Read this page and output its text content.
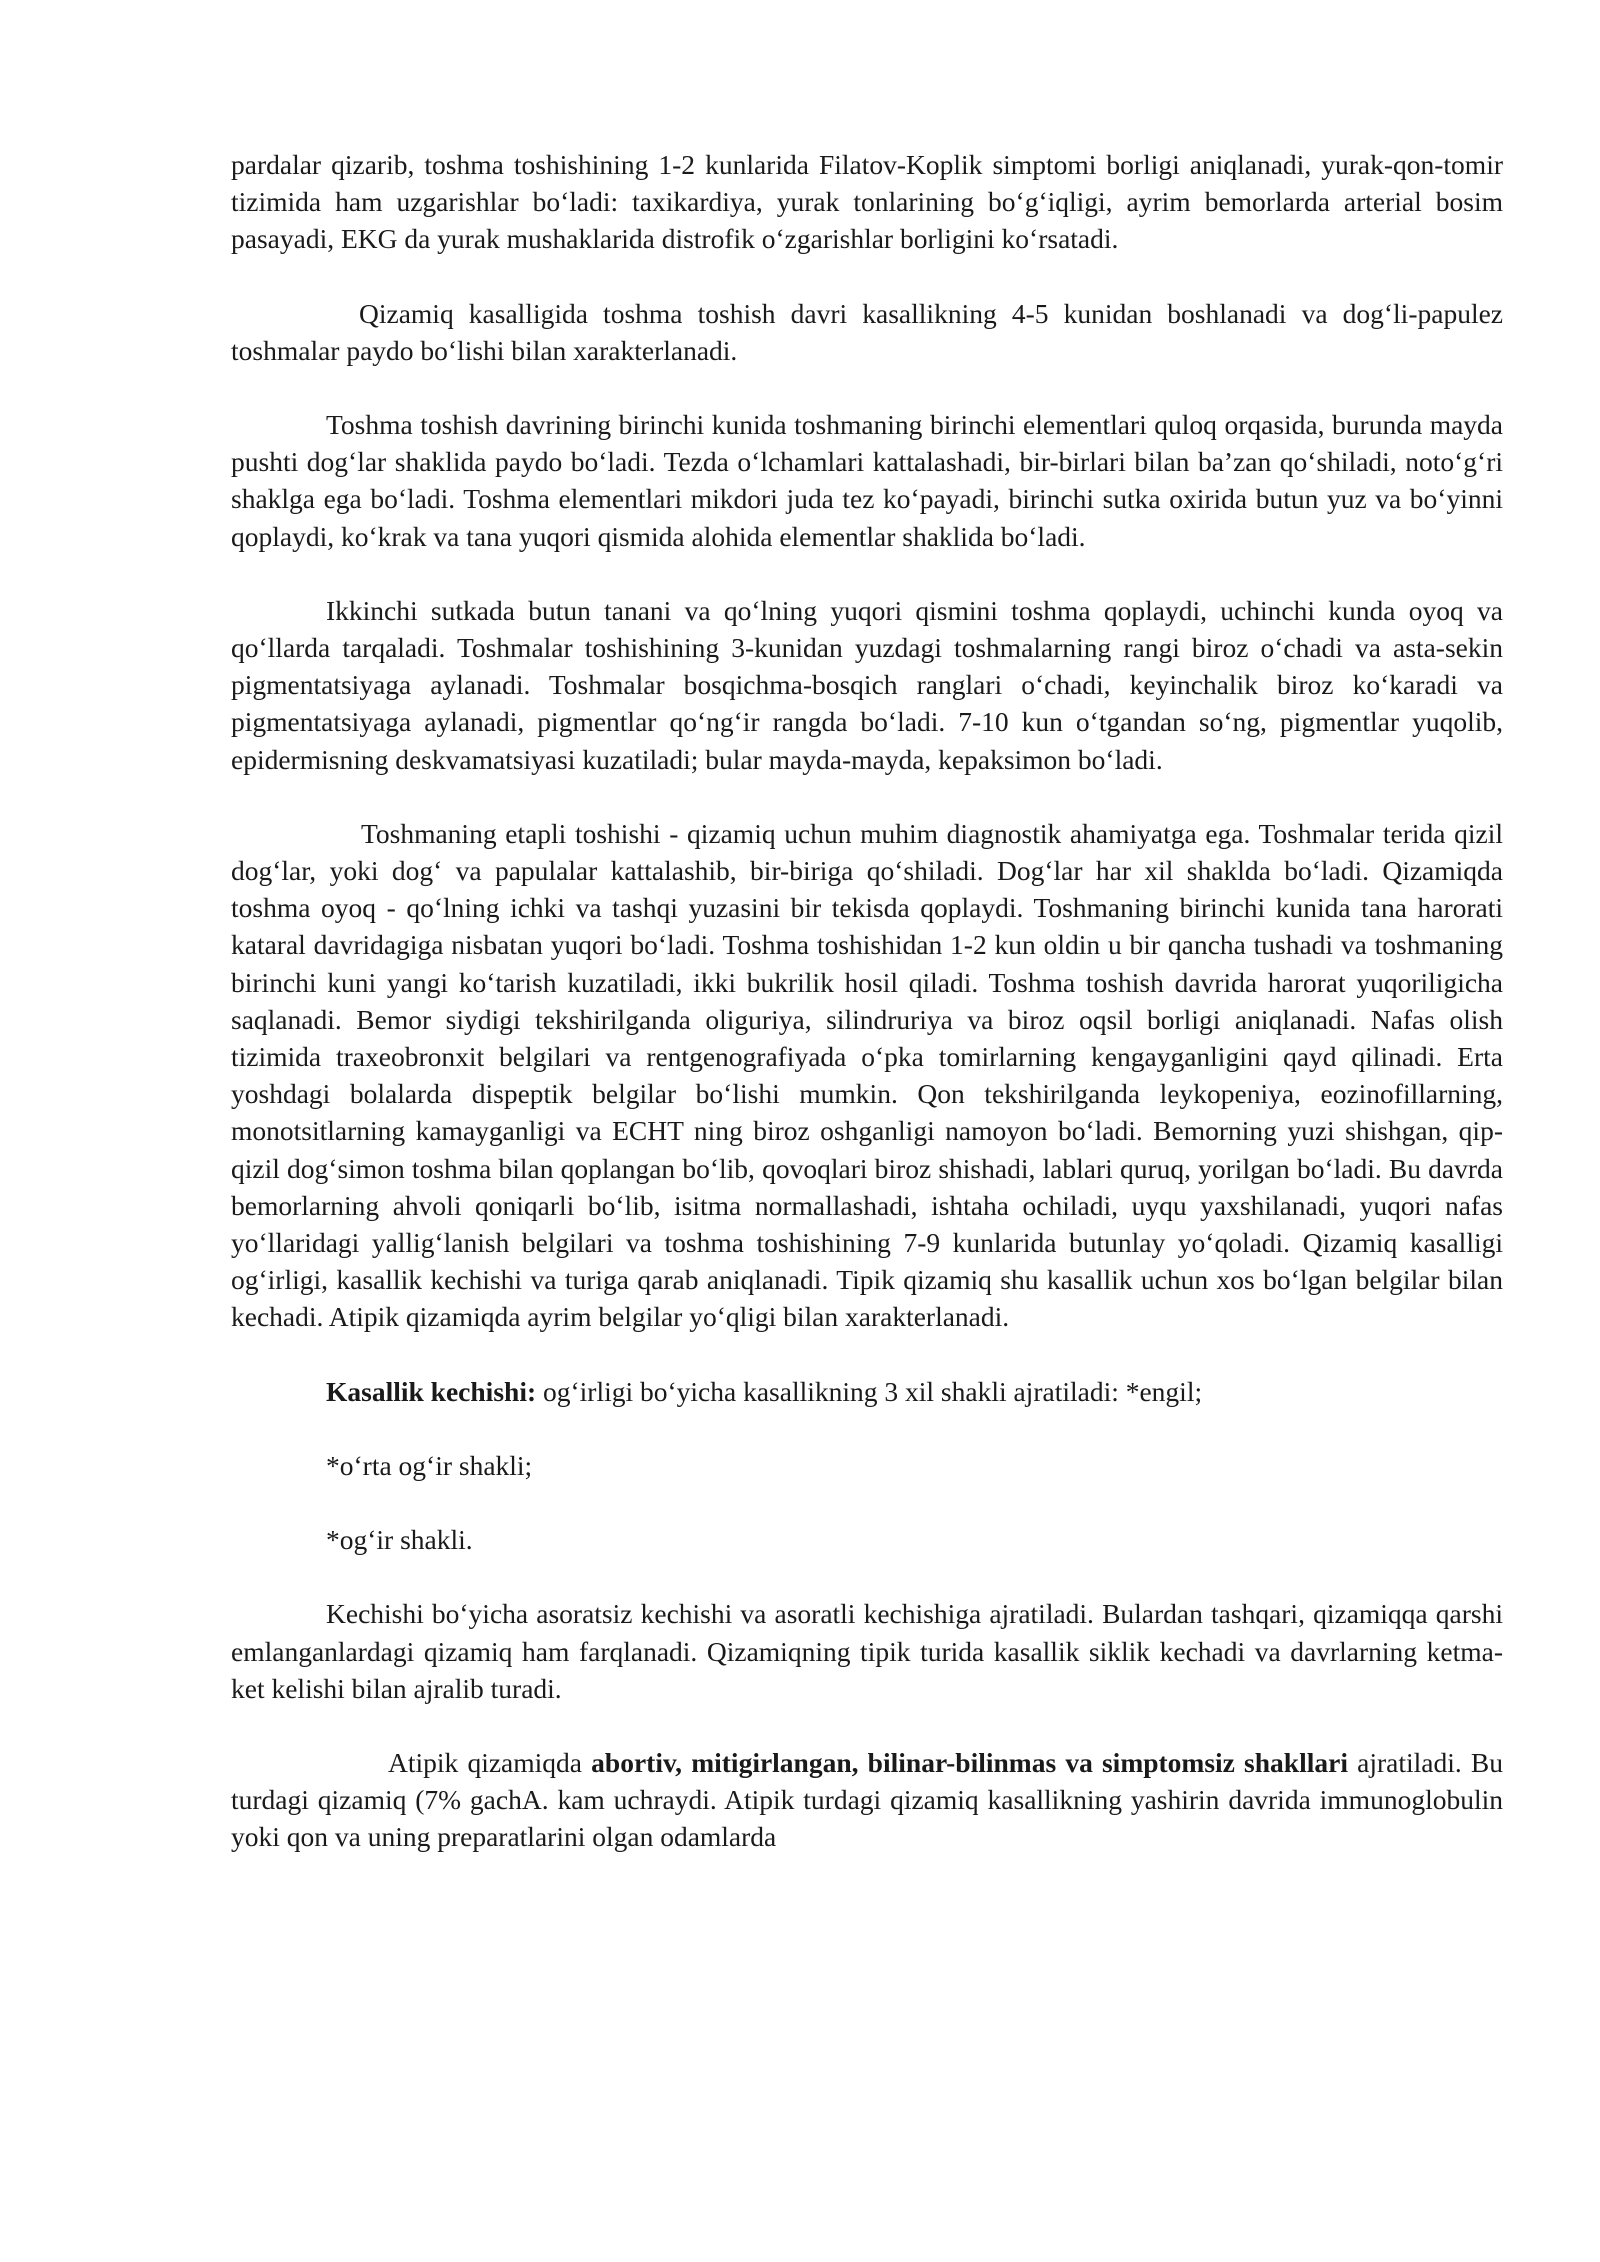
pardalar qizarib, toshma toshishining 1-2 kunlarida Filatov-Koplik simptomi borligi aniqlanadi, yurak-qon-tomir tizimida ham uzgarishlar bo‘ladi: taxikardiya, yurak tonlarining bo‘g‘iqligi, ayrim bemorlarda arterial bosim pasayadi, EKG da yurak mushaklarida distrofik o‘zgarishlar borligini ko‘rsatadi.

Qizamiq kasalligida toshma toshish davri kasallikning 4-5 kunidan boshlanadi va dog‘li-papulez toshmalar paydo bo‘lishi bilan xarakterlanadi.

Toshma toshish davrining birinchi kunida toshmaning birinchi elementlari quloq orqasida, burunda mayda pushti dog‘lar shaklida paydo bo‘ladi. Tezda o‘lchamlari kattalashadi, bir-birlari bilan ba’zan qo‘shiladi, noto‘g‘ri shaklga ega bo‘ladi. Toshma elementlari mikdori juda tez ko‘payadi, birinchi sutka oxirida butun yuz va bo‘yinni qoplaydi, ko‘krak va tana yuqori qismida alohida elementlar shaklida bo‘ladi.

Ikkinchi sutkada butun tanani va qo‘lning yuqori qismini toshma qoplaydi, uchinchi kunda oyoq va qo‘llarda tarqaladi. Toshmalar toshishining 3-kunidan yuzdagi toshmalarning rangi biroz o‘chadi va asta-sekin pigmentatsiyaga aylanadi. Toshmalar bosqichma-bosqich ranglari o‘chadi, keyinchalik biroz ko‘karadi va pigmentatsiyaga aylanadi, pigmentlar qo‘ng‘ir rangda bo‘ladi. 7-10 kun o‘tgandan so‘ng, pigmentlar yuqolib, epidermisning deskvamatsiyasi kuzatiladi; bular mayda-mayda, kepaksimon bo‘ladi.

Toshmaning etapli toshishi - qizamiq uchun muhim diagnostik ahamiyatga ega. Toshmalar terida qizil dog‘lar, yoki dog‘ va papulalar kattalashib, bir-biriga qo‘shiladi. Dog‘lar har xil shaklda bo‘ladi. Qizamiqda toshma oyoq - qo‘lning ichki va tashqi yuzasini bir tekisda qoplaydi. Toshmaning birinchi kunida tana harorati kataral davridagiga nisbatan yuqori bo‘ladi. Toshma toshishidan 1-2 kun oldin u bir qancha tushadi va toshmaning birinchi kuni yangi ko‘tarish kuzatiladi, ikki bukrilik hosil qiladi. Toshma toshish davrida harorat yuqoriligicha saqlanadi. Bemor siydigi tekshirilganda oliguriya, silindruriya va biroz oqsil borligi aniqlanadi. Nafas olish tizimida traxeobronxit belgilari va rentgenografiyada o‘pka tomirlarning kengayganligini qayd qilinadi. Erta yoshdagi bolalarda dispeptik belgilar bo‘lishi mumkin. Qon tekshirilganda leykopeniya, eozinofillarning, monotsitlarning kamayganligi va ECHT ning biroz oshganligi namoyon bo‘ladi. Bemorning yuzi shishgan, qip-qizil dog‘simon toshma bilan qoplangan bo‘lib, qovoqlari biroz shishadi, lablari quruq, yorilgan bo‘ladi. Bu davrda bemorlarning ahvoli qoniqarli bo‘lib, isitma normallashadi, ishtaha ochiladi, uyqu yaxshilanadi, yuqori nafas yo‘llaridagi yallig‘lanish belgilari va toshma toshishining 7-9 kunlarida butunlay yo‘qoladi. Qizamiq kasalligi og‘irligi, kasallik kechishi va turiga qarab aniqlanadi. Tipik qizamiq shu kasallik uchun xos bo‘lgan belgilar bilan kechadi. Atipik qizamiqda ayrim belgilar yo‘qligi bilan xarakterlanadi.

Kasallik kechishi: og‘irligi bo‘yicha kasallikning 3 xil shakli ajratiladi: *engil;

*o‘rta og‘ir shakli;

*og‘ir shakli.

Kechishi bo‘yicha asoratsiz kechishi va asoratli kechishiga ajratiladi. Bulardan tashqari, qizamiqqa qarshi emlanganlardagi qizamiq ham farqlanadi. Qizamiqning tipik turida kasallik siklik kechadi va davrlarning ketma-ket kelishi bilan ajralib turadi.

Atipik qizamiqda abortiv, mitigirlangan, bilinar-bilinmas va simptomsiz shakllari ajratiladi. Bu turdagi qizamiq (7% gachA. kam uchraydi. Atipik turdagi qizamiq kasallikning yashirin davrida immunoglobulin yoki qon va uning preparatlarini olgan odamlarda
